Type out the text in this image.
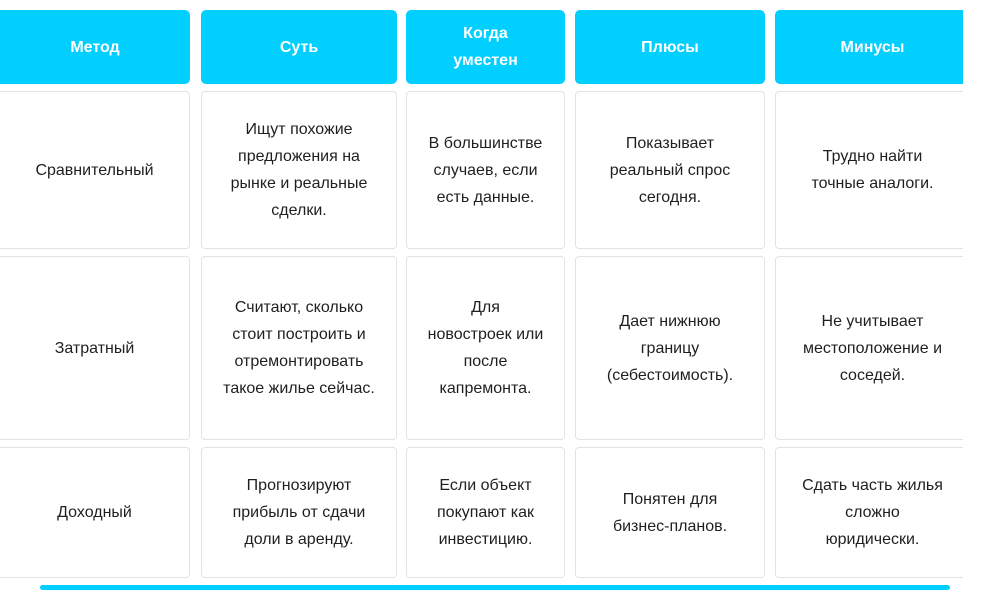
Метод	Суть
Когда уместен
Плюсы	Минусы
Сравнительный
Ищут похожие предложения на рынке и реальные сделки.
В большинстве случаев, если есть данные.
Показывает реальный спрос сегодня.
Трудно найти точные аналоги.
Затратный
Считают, сколько стоит построить и отремонтировать такое жилье сейчас.
Для новостроек или после капремонта.
Дает нижнюю границу (себестоимость).
Не учитывает местоположение и соседей.
Доходный
Прогнозируют прибыль от сдачи доли в аренду.
Если объект покупают как инвестицию.
Понятен для бизнес-планов.
Сдать часть жилья сложно юридически.
